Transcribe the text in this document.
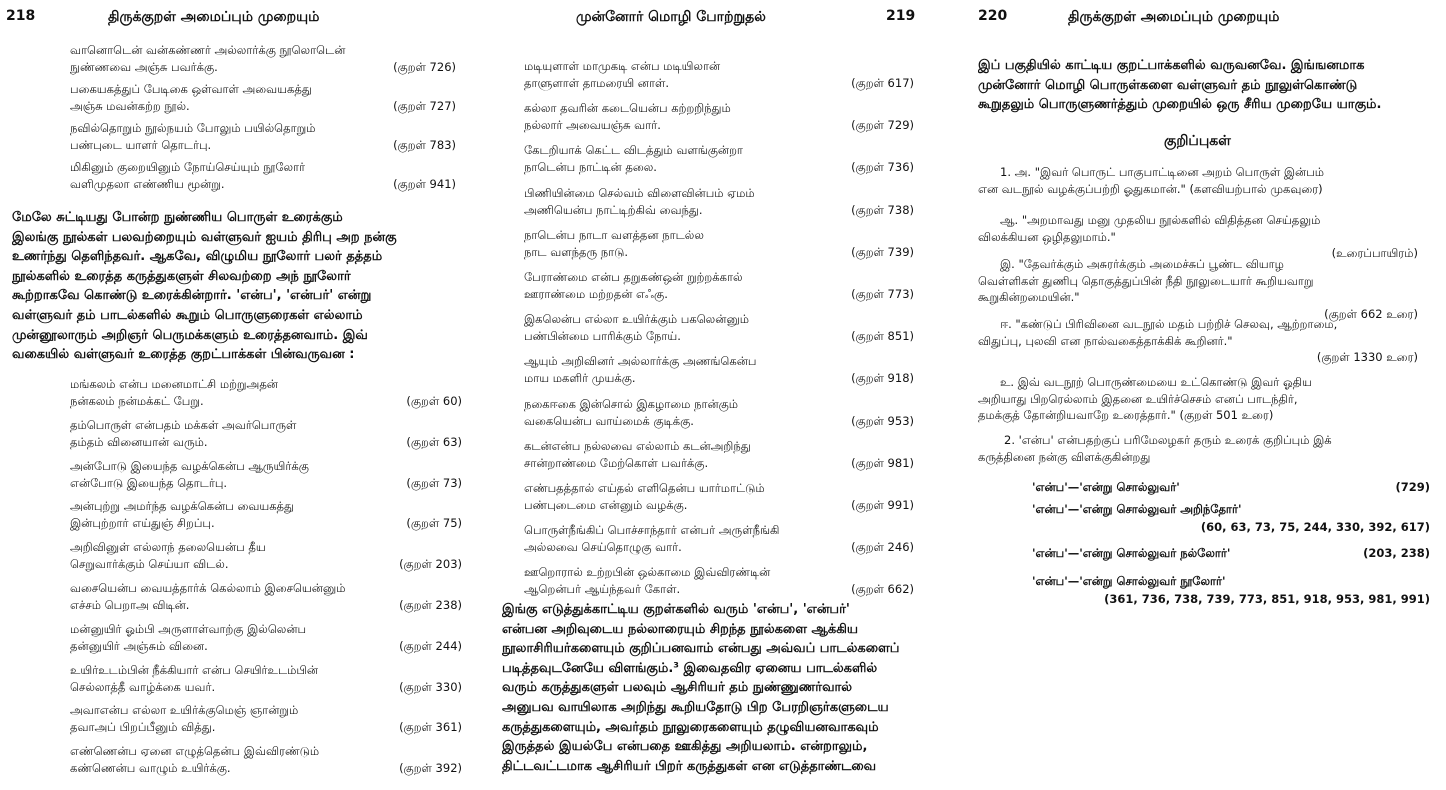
218	திருக்குறள் அமைப்பும் முறையும்
வானொடென் வன்கண்ணர் அல்லார்க்கு நூலொடென்
நுண்ணவை அஞ்சு பவர்க்கு.	(குறள் 726)
பகையகத்துப் பேடிகை ஒள்வாள் அவையகத்து
அஞ்சு மவன்கற்ற நூல்.	(குறள் 727)
நவில்தொறும் நூல்நயம் போலும் பயில்தொறும்
பண்புடை யாளர் தொடர்பு.	(குறள் 783)
மிகினும் குறையினும் நோய்செய்யும் நூலோர்
வளிமுதலா எண்ணிய மூன்று.	(குறள் 941)
மேலே சுட்டியது போன்ற நுண்ணிய பொருள் உரைக்கும்
இலங்கு நூல்கள் பலவற்றையும் வள்ளுவர் ஐயம் திரிபு அற நன்கு
உணர்ந்து தெளிந்தவர். ஆகவே, விழுமிய நூலோர் பலர் தத்தம்
நூல்களில் உரைத்த கருத்துகளுள் சிலவற்றை அந் நூலோர்
கூற்றாகவே கொண்டு உரைக்கின்றார். 'என்ப', 'என்பர்' என்று
வள்ளுவர் தம் பாடல்களில் கூறும் பொருளுரைகள் எல்லாம்
முன்னூலாரும் அறிஞர் பெருமக்களும் உரைத்தனவாம். இவ்
வகையில் வள்ளுவர் உரைத்த குறட்பாக்கள் பின்வருவன :
மங்கலம் என்ப மனைமாட்சி மற்றுஅதன்
நன்கலம் நன்மக்கட் பேறு.	(குறள் 60)
தம்பொருள் என்பதம் மக்கள் அவர்பொருள்
தம்தம் வினையான் வரும்.	(குறள் 63)
அன்போடு இயைந்த வழக்கென்ப ஆருயிர்க்கு
என்போடு இயைந்த தொடர்பு.	(குறள் 73)
அன்புற்று அமர்ந்த வழக்கென்ப வையகத்து
இன்புற்றார் எய்துஞ் சிறப்பு.	(குறள் 75)
அறிவினுள் எல்லாந் தலையென்ப தீய
செறுவார்க்கும் செய்யா விடல்.	(குறள் 203)
வசையென்ப வையத்தார்க் கெல்லாம் இசையென்னும்
எச்சம் பெறாஅ விடின்.	(குறள் 238)
மன்னுயிர் ஓம்பி அருளாள்வாற்கு இல்லென்ப
தன்னுயிர் அஞ்சும் வினை.	(குறள் 244)
உயிர்உடம்பின் நீக்கியார் என்ப செயிர்உடம்பின்
செல்லாத்தீ வாழ்க்கை யவர்.	(குறள் 330)
அவாஎன்ப எல்லா உயிர்க்குமெஞ் ஞான்றும்
தவாஅப் பிறப்பீனும் வித்து.	(குறள் 361)
எண்ணென்ப ஏனை எழுத்தென்ப இவ்விரண்டும்
கண்ணென்ப வாழும் உயிர்க்கு.	(குறள் 392)
முன்னோர் மொழி போற்றுதல்	219
மடியுளாள் மாமுகடி என்ப மடியிலான்
தாளுளாள் தாமரையி னாள்.	(குறள் 617)
கல்லா தவரின் கடையென்ப கற்றறிந்தும்
நல்லார் அவையஞ்சு வார்.	(குறள் 729)
கேடறியாக் கெட்ட விடத்தும் வளங்குன்றா
நாடென்ப நாட்டின் தலை.	(குறள் 736)
பிணியின்மை செல்வம் விளைவின்பம் ஏமம்
அணியென்ப நாட்டிற்கிவ் வைந்து.	(குறள் 738)
நாடென்ப நாடா வளத்தன நாடல்ல
நாட வளந்தரு நாடு.	(குறள் 739)
பேராண்மை என்ப தறுகண்ஒன் றுற்றக்கால்
ஊராண்மை மற்றதன் எஃகு.	(குறள் 773)
இகலென்ப எல்லா உயிர்க்கும் பகலென்னும்
பண்பின்மை பாரிக்கும் நோய்.	(குறள் 851)
ஆயும் அறிவினர் அல்லார்க்கு அணங்கென்ப
மாய மகளிர் முயக்கு.	(குறள் 918)
நகைஈகை இன்சொல் இகழாமை நான்கும்
வகையென்ப வாய்மைக் குடிக்கு.	(குறள் 953)
கடன்என்ப நல்லவை எல்லாம் கடன்அறிந்து
சான்றாண்மை மேற்கொள் பவர்க்கு.	(குறள் 981)
எண்பதத்தால் எய்தல் எளிதென்ப யார்மாட்டும்
பண்புடைமை என்னும் வழக்கு.	(குறள் 991)
பொருள்நீங்கிப் பொச்சாந்தார் என்பர் அருள்நீங்கி
அல்லவை செய்தொழுகு வார்.	(குறள் 246)
ஊறொரால் உற்றபின் ஒல்காமை இவ்விரண்டின்
ஆறென்பர் ஆய்ந்தவர் கோள்.	(குறள் 662)
இங்கு எடுத்துக்காட்டிய குறள்களில் வரும் 'என்ப', 'என்பர்'
என்பன அறிவுடைய நல்லாரையும் சிறந்த நூல்களை ஆக்கிய
நூலாசிரியர்களையும் குறிப்பனவாம் என்பது அவ்வப் பாடல்களைப்
படித்தவுடனேயே விளங்கும்.³ இவைதவிர ஏனைய பாடல்களில்
வரும் கருத்துகளுள் பலவும் ஆசிரியர் தம் நுண்ணுணர்வால்
அனுபவ வாயிலாக அறிந்து கூறியதோடு பிற பேரறிஞர்களுடைய
கருத்துகளையும், அவர்தம் நூலுரைகளையும் தழுவியனவாகவும்
இருத்தல் இயல்பே என்பதை ஊகித்து அறியலாம். என்றாலும்,
திட்டவட்டமாக ஆசிரியர் பிறர் கருத்துகள் என எடுத்தாண்டவை
220	திருக்குறள் அமைப்பும் முறையும்
இப் பகுதியில் காட்டிய குறட்பாக்களில் வருவனவே. இங்ஙனமாக
முன்னோர் மொழி பொருள்களை வள்ளுவர் தம் நூலுள்கொண்டு
கூறுதலும் பொருளுணர்த்தும் முறையில் ஒரு சீரிய முறையே யாகும்.
குறிப்புகள்
1. அ. "இவர் பொருட் பாகுபாட்டினை அறம் பொருள் இன்பம்
என வடநூல் வழக்குப்பற்றி ஓதுகமான்." (களவியற்பால் முகவுரை)
ஆ. "அறமாவது மனு முதலிய நூல்களில் விதித்தன செய்தலும்
விலக்கியன ஒழிதலுமாம்."
(உரைப்பாயிரம்)
இ. "தேவர்க்கும் அசுரர்க்கும் அமைச்சுப் பூண்ட வியாழ
வெள்ளிகள் துணிபு தொகுத்துப்பின் நீதி நூலுடையார் கூறியவாறு
கூறுகின்றமையின்."
(குறள் 662 உரை)
ஈ. "கண்டுப் பிரிவினை வடநூல் மதம் பற்றிச் செலவு, ஆற்றாமை,
விதுப்பு, புலவி என நால்வகைத்தாக்கிக் கூறினர்."
(குறள் 1330 உரை)
உ. இவ் வடநூற் பொருண்மையை உட்கொண்டு இவர் ஓதிய
அறியாது பிறரெல்லாம் இதனை உயிர்ச்செசம் எனப் பாடந்திர்,
தமக்குத் தோன்றியவாறே உரைத்தார்." (குறள் 501 உரை)
2. 'என்ப' என்பதற்குப் பரிமேலழகர் தரும் உரைக் குறிப்பும் இக்
கருத்தினை நன்கு விளக்குகின்றது
'என்ப'—'என்று சொல்லுவர்'	(729)
'என்ப'—'என்று சொல்லுவர் அறிந்தோர்'
(60, 63, 73, 75, 244, 330, 392, 617)
'என்ப'—'என்று சொல்லுவர் நல்லோர்'	(203, 238)
'என்ப'—'என்று சொல்லுவர் நூலோர்'
(361, 736, 738, 739, 773, 851, 918, 953, 981, 991)
